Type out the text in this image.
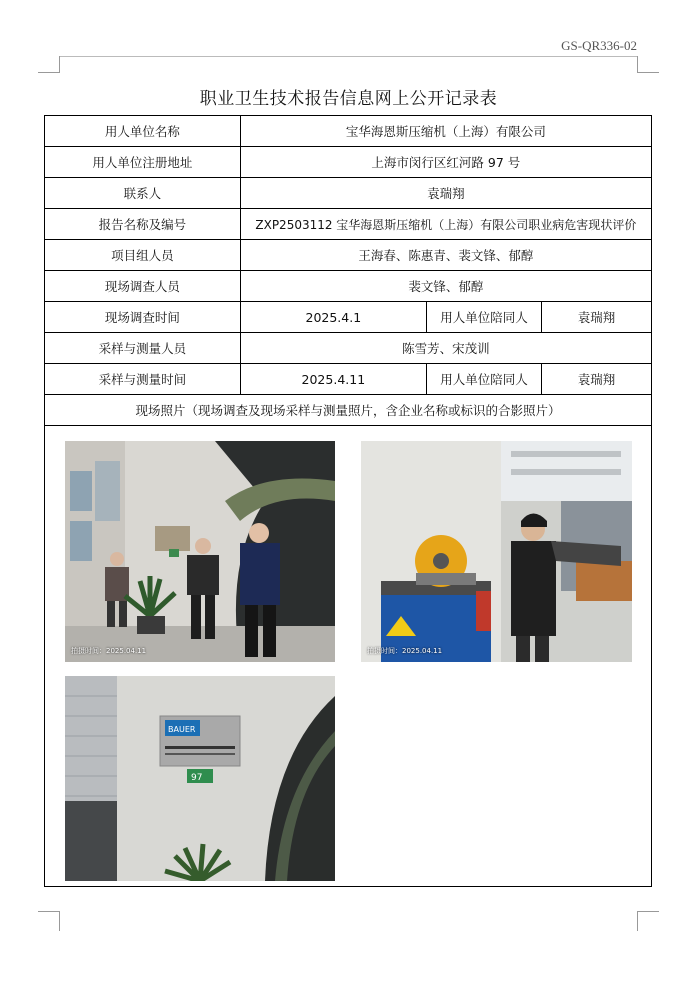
GS-QR336-02
职业卫生技术报告信息网上公开记录表
用人单位名称	宝华海恩斯压缩机（上海）有限公司		
用人单位注册地址	上海市闵行区红河路 97 号		
联系人	袁瑞翔		
报告名称及编号	ZXP2503112 宝华海恩斯压缩机（上海）有限公司职业病危害现状评价		
项目组人员	王海春、陈惠青、裴文锋、郁醇		
现场调查人员	裴文锋、郁醇		
现场调查时间	2025.4.1	用人单位陪同人	袁瑞翔
采样与测量人员	陈雪芳、宋茂训		
采样与测量时间	2025.4.11	用人单位陪同人	袁瑞翔
现场照片（现场调查及现场采样与测量照片，含企业名称或标识的合影照片）			

拍摄时间：2025.04.11 拍摄时间：2025.04.11
BAUER
97			
